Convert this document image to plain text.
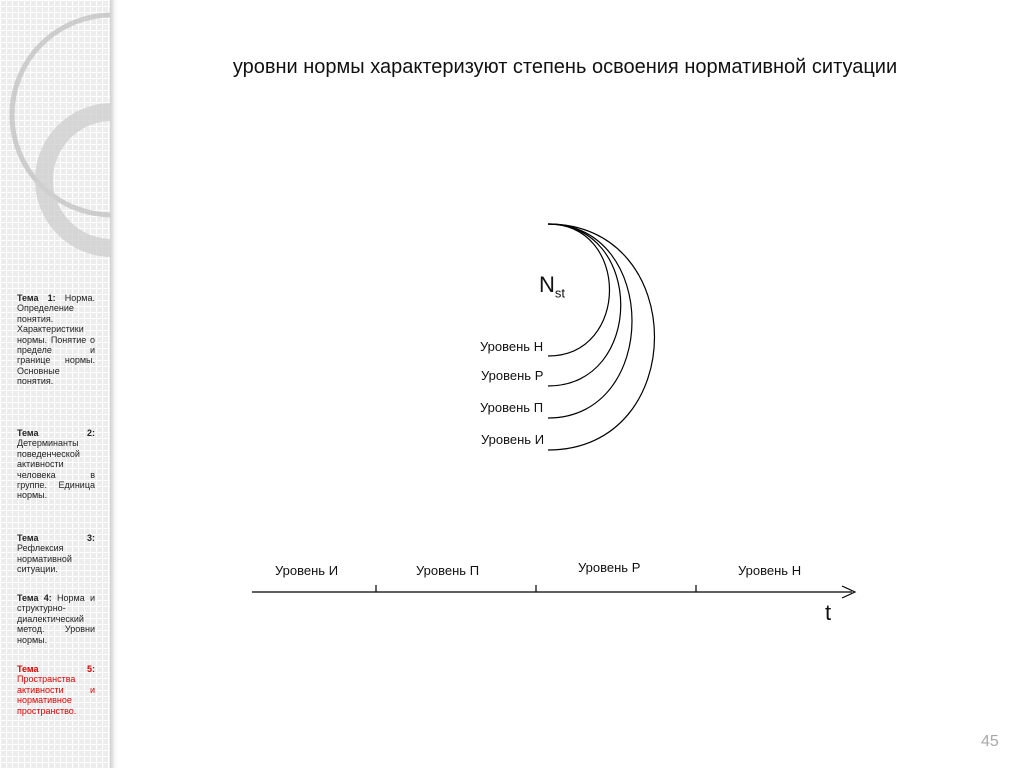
Тема 1: Норма. Определение понятия. Характеристики нормы. Понятие о пределе и границе нормы. Основные понятия.
Тема 2: Детерминанты поведенческой активности человека в группе. Единица нормы.
Тема 3: Рефлексия нормативной ситуации.
Тема 4: Норма и структурно-диалектический метод. Уровни нормы.
Тема 5: Пространства активности и нормативное пространство.
уровни нормы характеризуют степень освоения нормативной ситуации
$N_{st}$
Уровень Н
Уровень Р
Уровень П
Уровень И
Уровень И	Уровень П	Уровень Р	Уровень Н
t
45
